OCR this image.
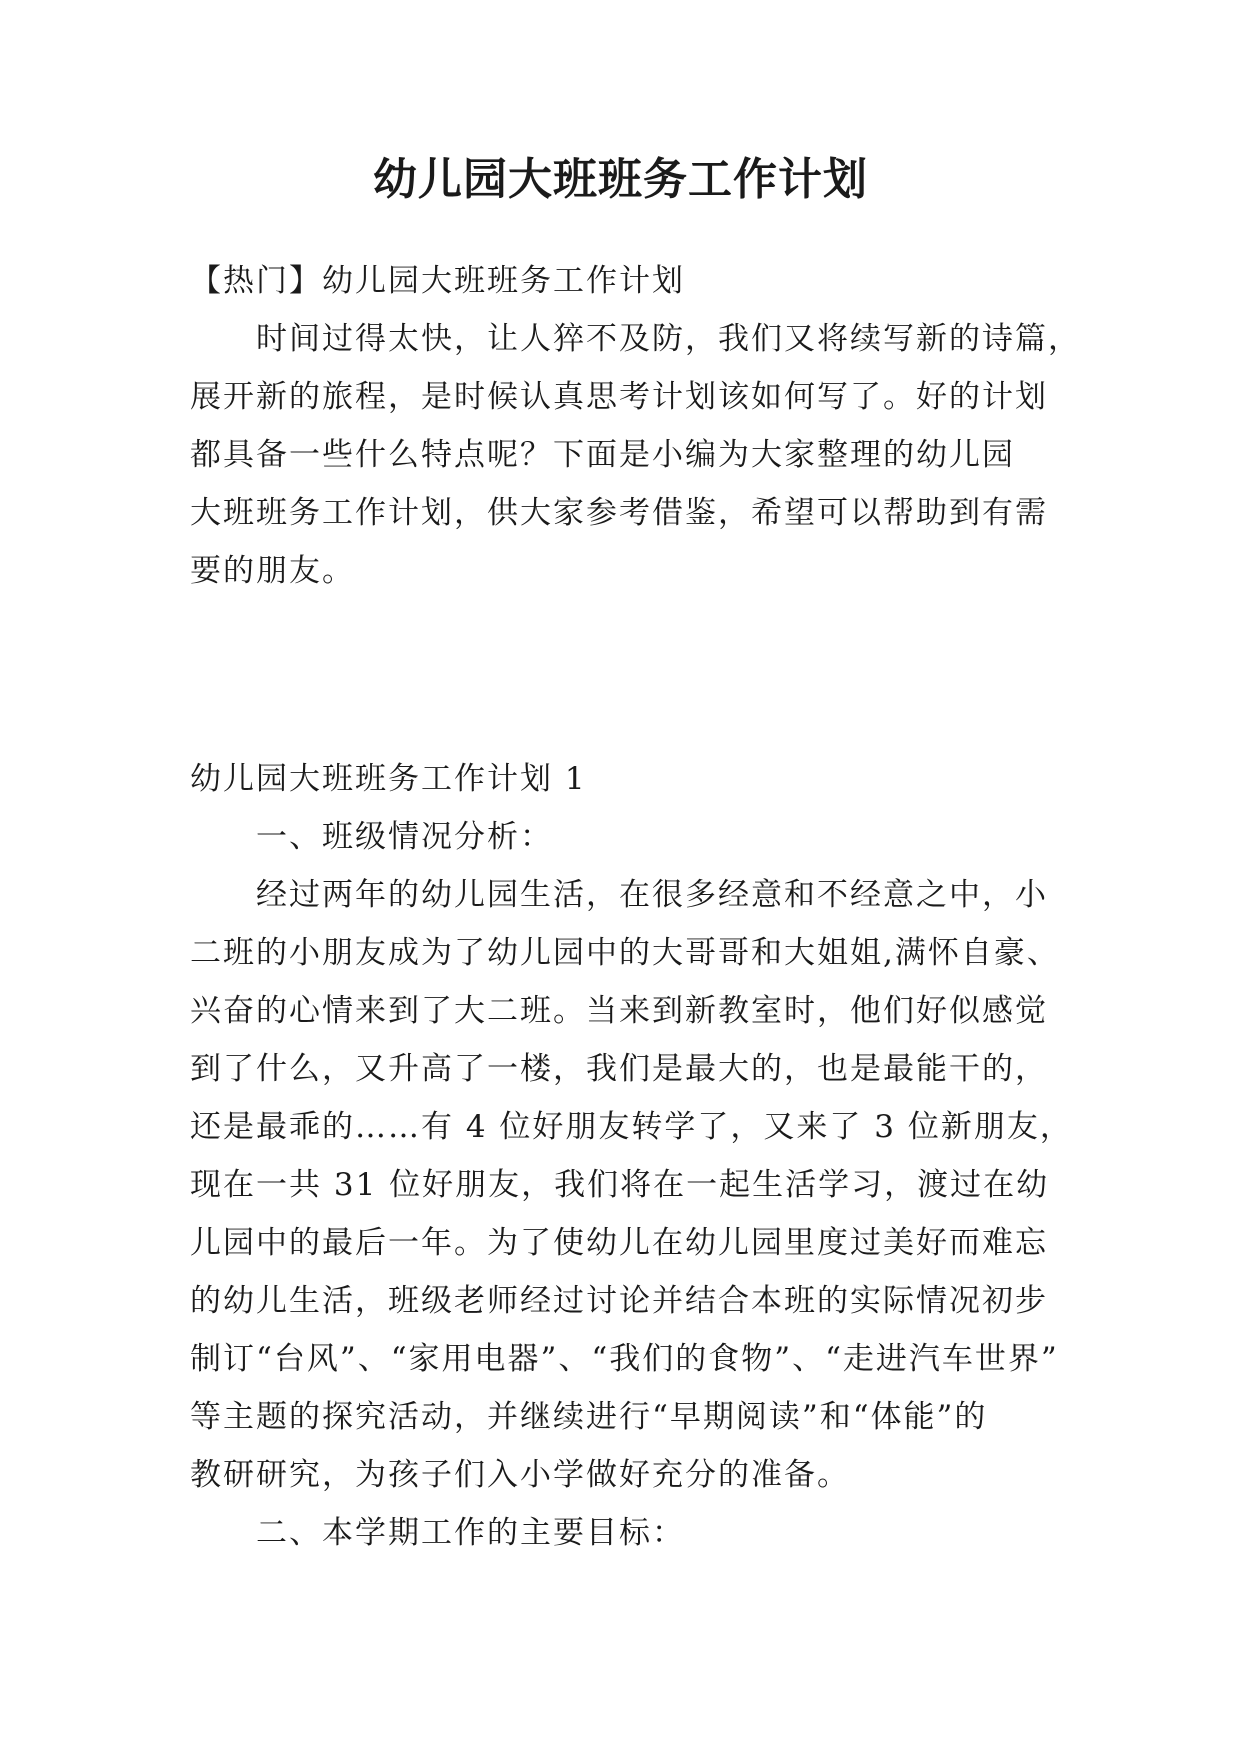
幼儿园大班班务工作计划
【热门】幼儿园大班班务工作计划
时间过得太快，让人猝不及防，我们又将续写新的诗篇，
展开新的旅程，是时候认真思考计划该如何写了。好的计划
都具备一些什么特点呢？下面是小编为大家整理的幼儿园
大班班务工作计划，供大家参考借鉴，希望可以帮助到有需
要的朋友。
幼儿园大班班务工作计划 1
一、班级情况分析：
经过两年的幼儿园生活，在很多经意和不经意之中，小
二班的小朋友成为了幼儿园中的大哥哥和大姐姐,满怀自豪、
兴奋的心情来到了大二班。当来到新教室时，他们好似感觉
到了什么，又升高了一楼，我们是最大的，也是最能干的，
还是最乖的……有 4 位好朋友转学了，又来了 3 位新朋友，
现在一共 31 位好朋友，我们将在一起生活学习，渡过在幼
儿园中的最后一年。为了使幼儿在幼儿园里度过美好而难忘
的幼儿生活，班级老师经过讨论并结合本班的实际情况初步
制订“台风”、“家用电器”、“我们的食物”、“走进汽车世界”
等主题的探究活动，并继续进行“早期阅读”和“体能”的
教研研究，为孩子们入小学做好充分的准备。
二、本学期工作的主要目标：
